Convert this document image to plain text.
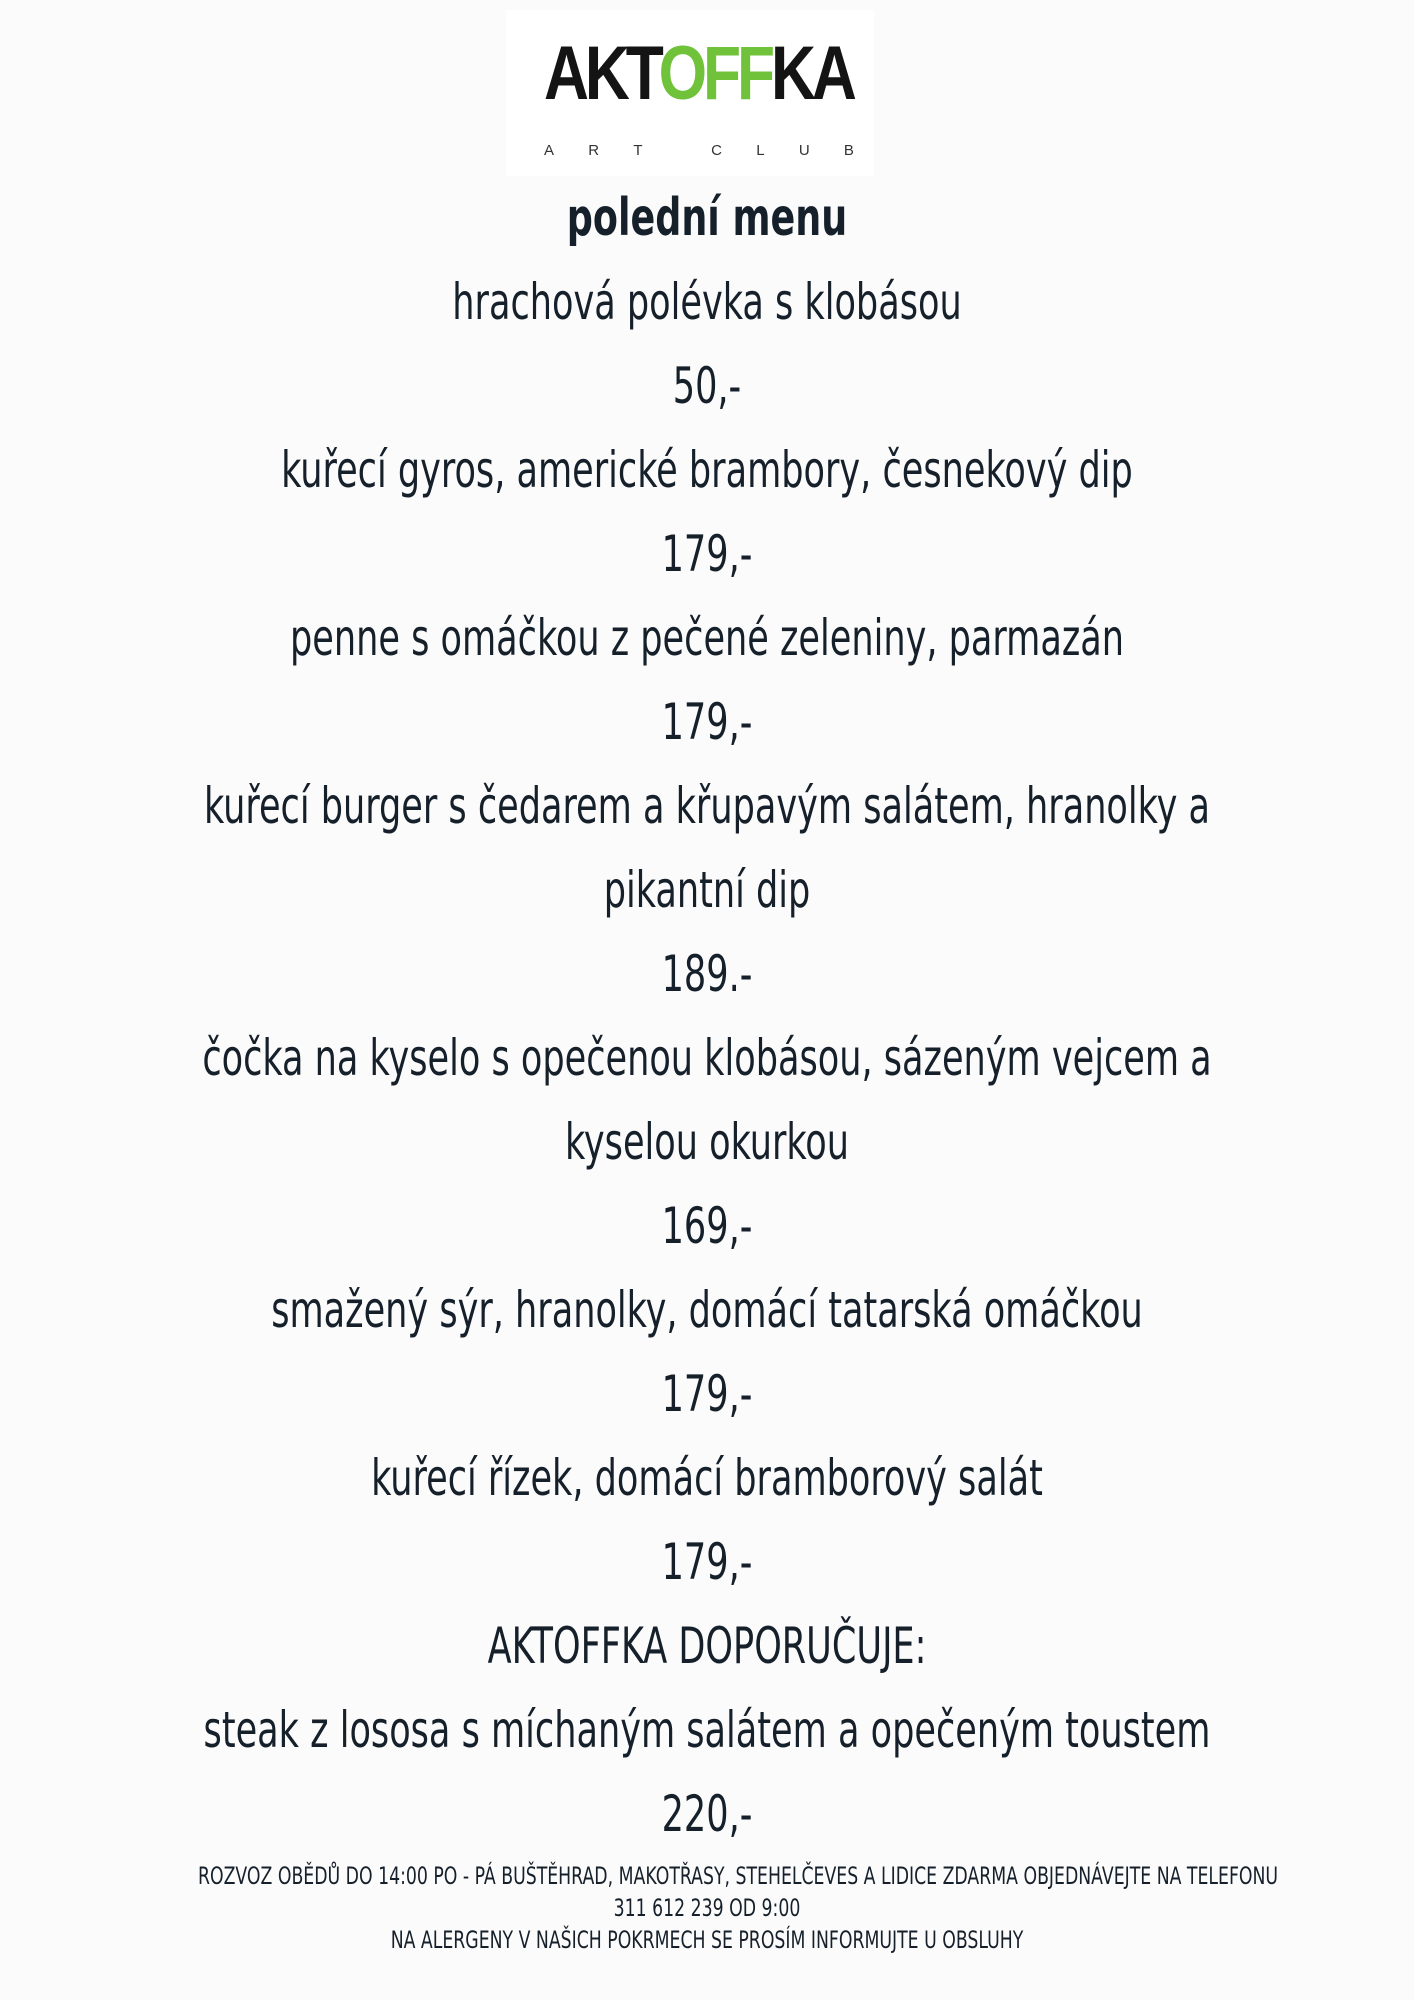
AKTOFFKA
A R T	C L U B
polední menu
hrachová polévka s klobásou
50,-
kuřecí gyros, americké brambory, česnekový dip
179,-
penne s omáčkou z pečené zeleniny, parmazán
179,-
kuřecí burger s čedarem a křupavým salátem, hranolky a
pikantní dip
189.-
čočka na kyselo s opečenou klobásou, sázeným vejcem a
kyselou okurkou
169,-
smažený sýr, hranolky, domácí tatarská omáčkou
179,-
kuřecí řízek, domácí bramborový salát
179,-
AKTOFFKA DOPORUČUJE:
steak z lososa s míchaným salátem a opečeným toustem
220,-
ROZVOZ OBĚDŮ DO 14:00 PO - PÁ BUŠTĚHRAD, MAKOTŘASY, STEHELČEVES A LIDICE ZDARMA OBJEDNÁVEJTE NA TELEFONU
311 612 239 OD 9:00
NA ALERGENY V NAŠICH POKRMECH SE PROSÍM INFORMUJTE U OBSLUHY
